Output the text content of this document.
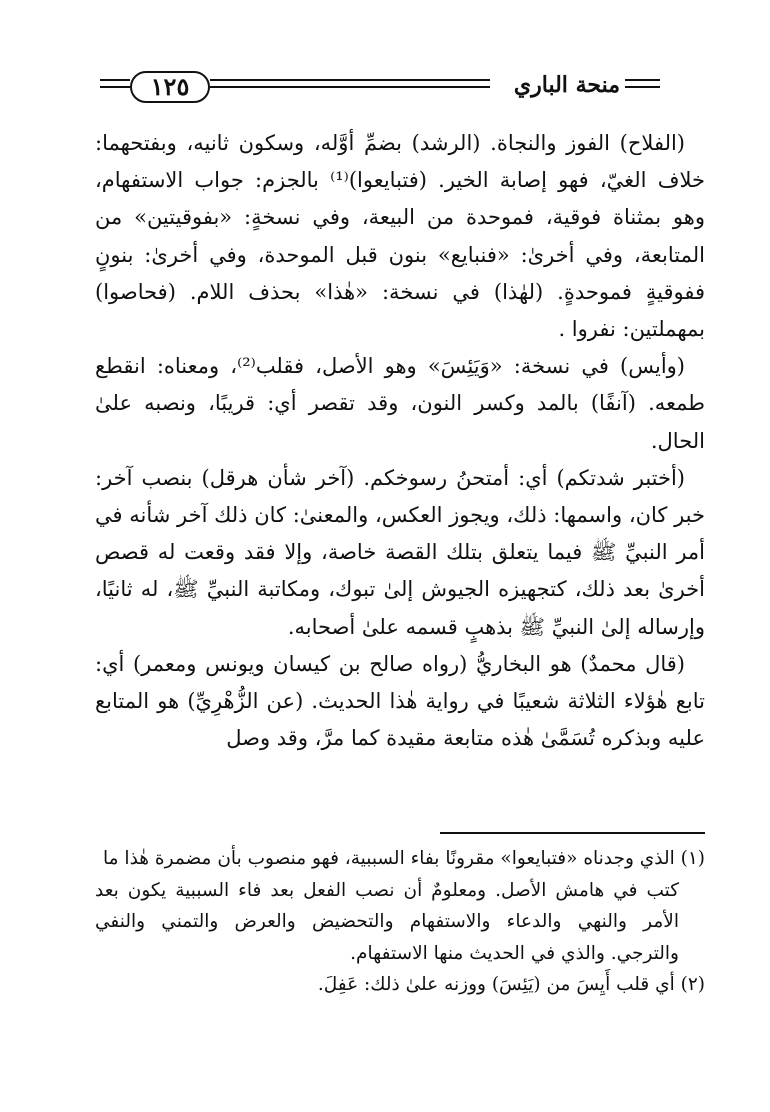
١٢٥	منحة الباري

(الفلاح) الفوز والنجاة. (الرشد) بضمِّ أوَّله، وسكون ثانيه، وبفتحهما: خلاف الغيّ، فهو إصابة الخير. (فتبايعوا)⁽¹⁾ بالجزم: جواب الاستفهام، وهو بمثناة فوقية، فموحدة من البيعة، وفي نسخةٍ: «بفوقيتين» من المتابعة، وفي أخرىٰ: «فنبايع» بنون قبل الموحدة، وفي أخرىٰ: بنونٍ ففوقيةٍ فموحدةٍ. (لهٰذا) في نسخة: «هٰذا» بحذف اللام. (فحاصوا) بمهملتين: نفروا .

(وأيس) في نسخة: «وَيَئِسَ» وهو الأصل، فقلب⁽²⁾، ومعناه: انقطع طمعه. (آنفًا) بالمد وكسر النون، وقد تقصر أي: قريبًا، ونصبه علىٰ الحال.

(أختبر شدتكم) أي: أمتحنُ رسوخكم. (آخر شأن هرقل) بنصب آخر: خبر كان، واسمها: ذلك، ويجوز العكس، والمعنىٰ: كان ذلك آخر شأنه في أمر النبيِّ ﷺ فيما يتعلق بتلك القصة خاصة، وإلا فقد وقعت له قصص أخرىٰ بعد ذلك، كتجهيزه الجيوش إلىٰ تبوك، ومكاتبة النبيِّ ﷺ، له ثانيًا، وإرساله إلىٰ النبيِّ ﷺ بذهبٍ قسمه علىٰ أصحابه.

(قال محمدٌ) هو البخاريُّ (رواه صالح بن كيسان ويونس ومعمر) أي: تابع هٰؤلاء الثلاثة شعيبًا في رواية هٰذا الحديث. (عن الزُّهْرِيِّ) هو المتابع عليه وبذكره تُسَمَّىٰ هٰذه متابعة مقيدة كما مرَّ، وقد وصل

(١) الذي وجدناه «فتبايعوا» مقرونًا بفاء السببية، فهو منصوب بأن مضمرة هٰذا ما

كتب في هامش الأصل. ومعلومٌ أن نصب الفعل بعد فاء السببية يكون بعد الأمر والنهي والدعاء والاستفهام والتحضيض والعرض والتمني والنفي والترجي. والذي في الحديث منها الاستفهام.

(٢) أي قلب أَيِسَ من (يَئِسَ) ووزنه علىٰ ذلك: عَفِلَ.
